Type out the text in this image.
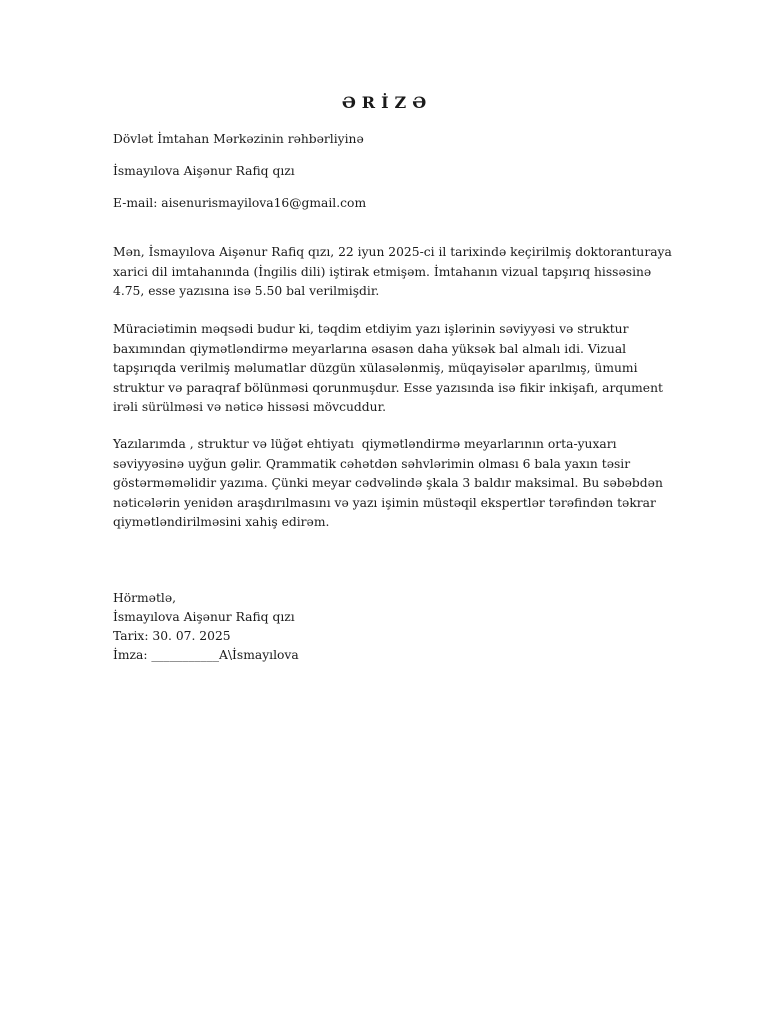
ƏRİZƏ
Dövlət İmtahan Mərkəzinin rəhbərliyinə
İsmayılova Aişənur Rafiq qızı
E-mail: aisenurismayilova16@gmail.com
Mən, İsmayılova Aişənur Rafiq qızı, 22 iyun 2025-ci il tarixində keçirilmiş doktoranturaya
xarici dil imtahanında (İngilis dili) iştirak etmişəm. İmtahanın vizual tapşırıq hissəsinə
4.75, esse yazısına isə 5.50 bal verilmişdir.
Müraciətimin məqsədi budur ki, təqdim etdiyim yazı işlərinin səviyyəsi və struktur
baxımından qiymətləndirmə meyarlarına əsasən daha yüksək bal almalı idi. Vizual
tapşırıqda verilmiş məlumatlar düzgün xülasələnmiş, müqayisələr aparılmış, ümumi
struktur və paraqraf bölünməsi qorunmuşdur. Esse yazısında isə fikir inkişafı, arqument
irəli sürülməsi və nəticə hissəsi mövcuddur.
Yazılarımda , struktur və lüğət ehtiyatı  qiymətləndirmə meyarlarının orta-yuxarı
səviyyəsinə uyğun gəlir. Qrammatik cəhətdən səhvlərimin olması 6 bala yaxın təsir
göstərməməlidir yazıma. Çünki meyar cədvəlində şkala 3 baldır maksimal. Bu səbəbdən
nəticələrin yenidən araşdırılmasını və yazı işimin müstəqil ekspertlər tərəfindən təkrar
qiymətləndirilməsini xahiş edirəm.
Hörmətlə,
İsmayılova Aişənur Rafiq qızı
Tarix: 30. 07. 2025
İmza: ___________A\İsmayılova
